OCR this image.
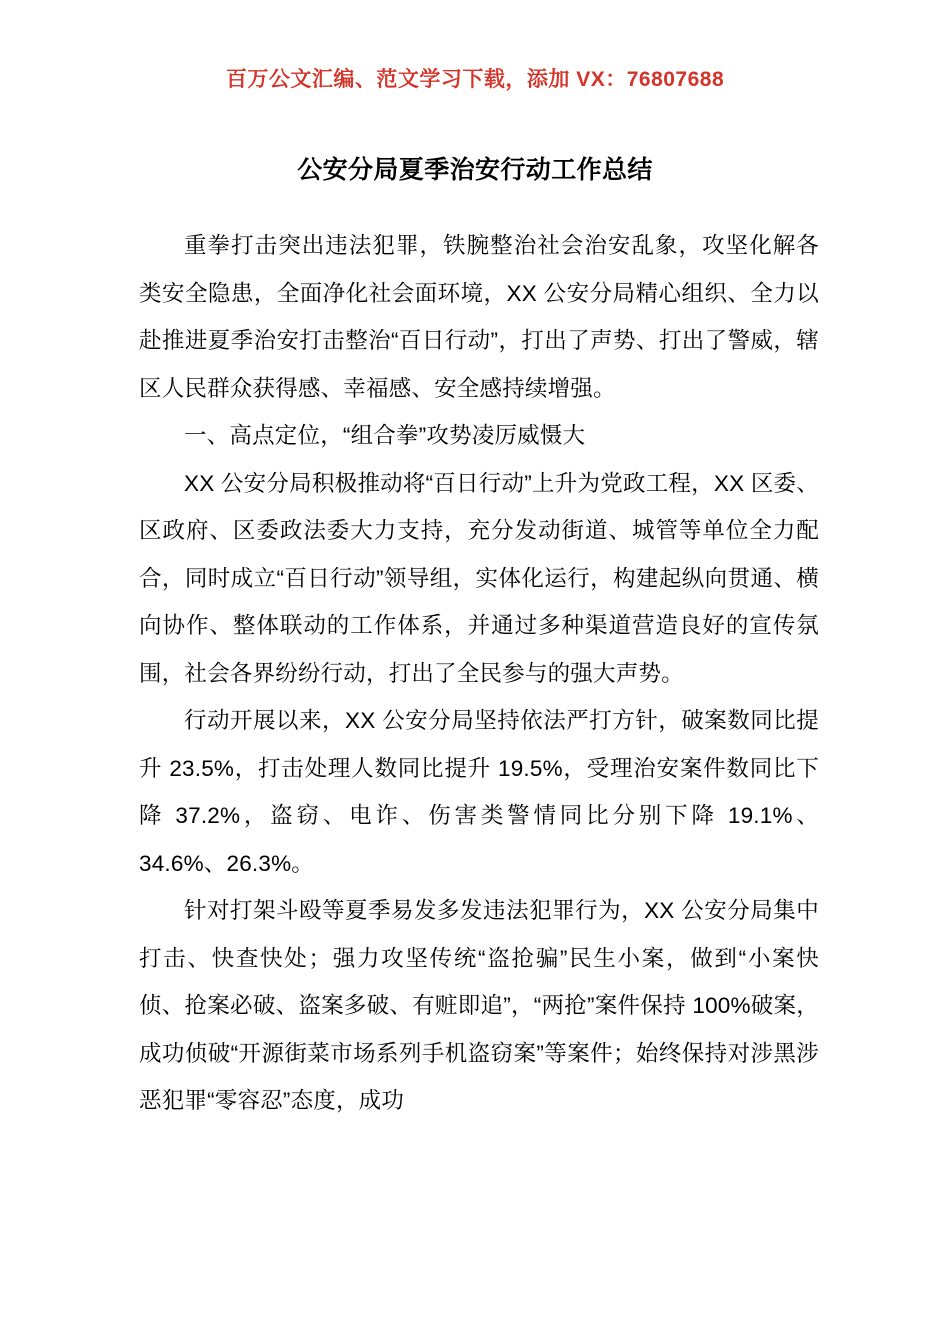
百万公文汇编、范文学习下载，添加 VX：76807688
公安分局夏季治安行动工作总结

重拳打击突出违法犯罪，铁腕整治社会治安乱象，攻坚化解各类安全隐患，全面净化社会面环境，XX 公安分局精心组织、全力以赴推进夏季治安打击整治“百日行动”，打出了声势、打出了警威，辖区人民群众获得感、幸福感、安全感持续增强。

一、高点定位，“组合拳”攻势凌厉威慑大

XX 公安分局积极推动将“百日行动”上升为党政工程，XX 区委、区政府、区委政法委大力支持，充分发动街道、城管等单位全力配合，同时成立“百日行动”领导组，实体化运行，构建起纵向贯通、横向协作、整体联动的工作体系，并通过多种渠道营造良好的宣传氛围，社会各界纷纷行动，打出了全民参与的强大声势。

行动开展以来，XX 公安分局坚持依法严打方针，破案数同比提升 23.5%，打击处理人数同比提升 19.5%，受理治安案件数同比下降 37.2%，盗窃、电诈、伤害类警情同比分别下降 19.1%、34.6%、26.3%。

针对打架斗殴等夏季易发多发违法犯罪行为，XX 公安分局集中打击、快查快处；强力攻坚传统“盗抢骗”民生小案，做到“小案快侦、抢案必破、盗案多破、有赃即追”，“两抢”案件保持 100%破案，成功侦破“开源街菜市场系列手机盗窃案”等案件；始终保持对涉黑涉恶犯罪“零容忍”态度，成功
